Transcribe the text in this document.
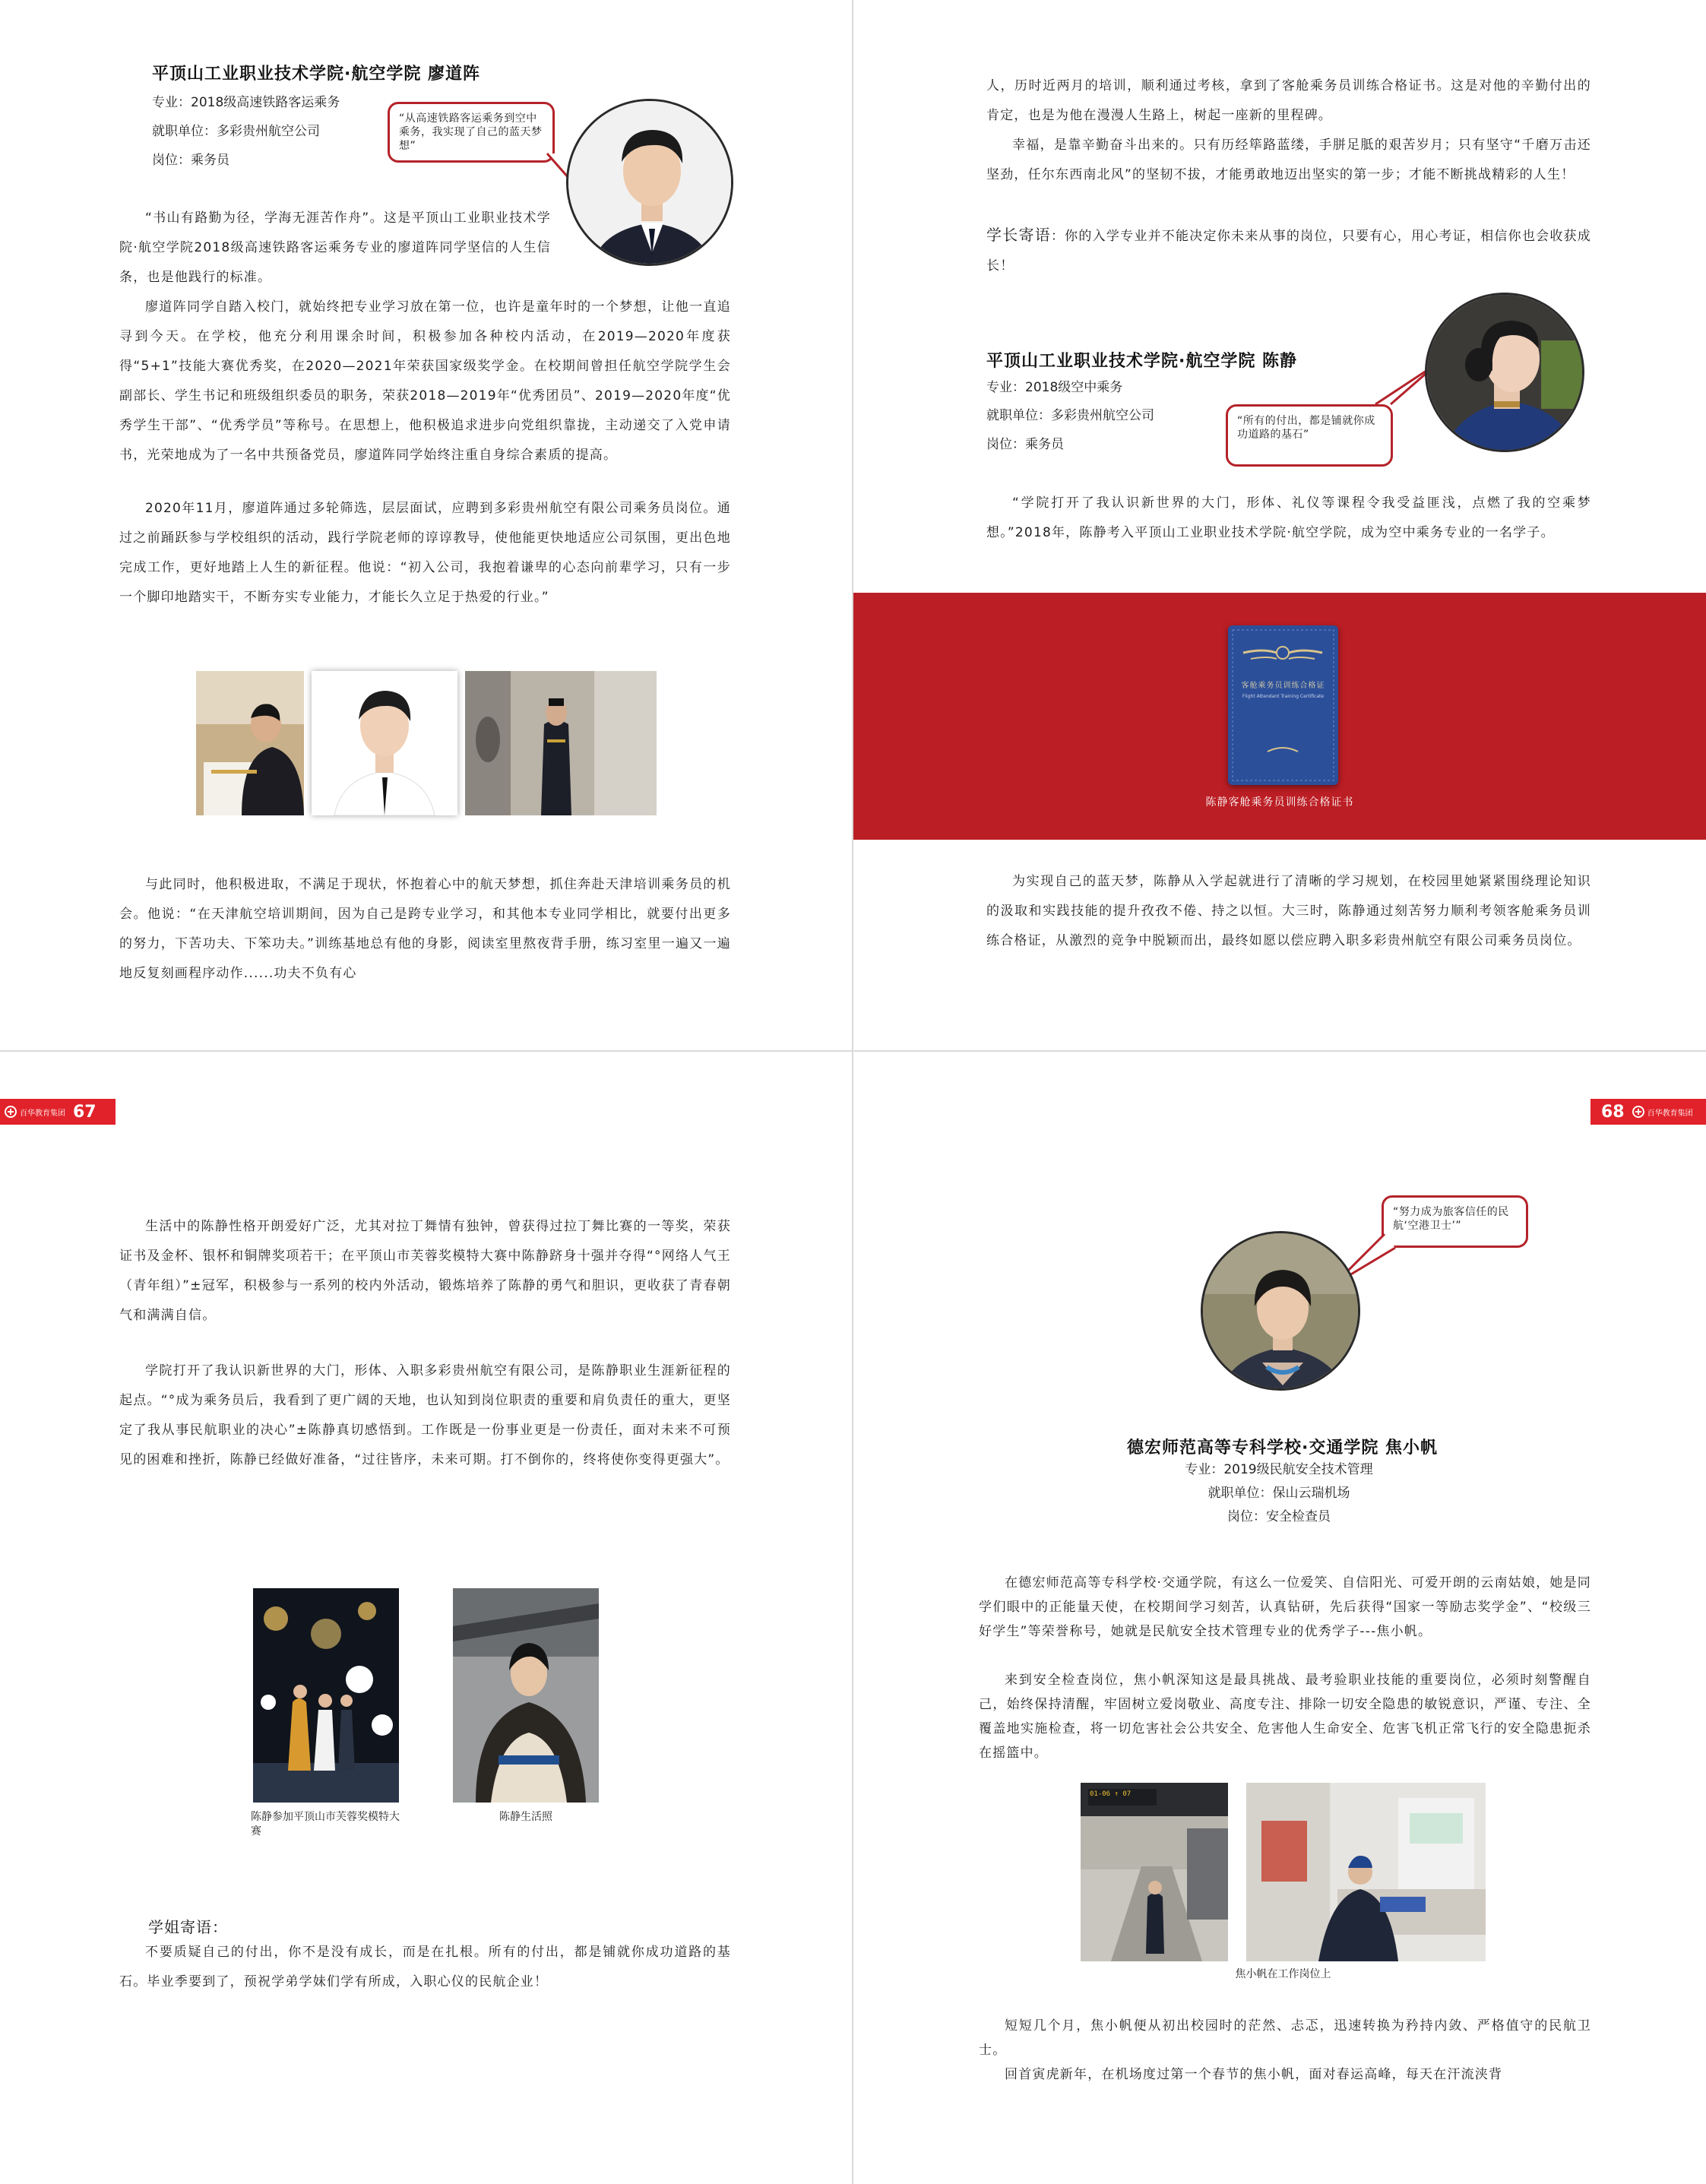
平顶山工业职业技术学院·航空学院 廖道阵
专业：2018级高速铁路客运乘务
就职单位：多彩贵州航空公司
岗位：乘务员
“从高速铁路客运乘务到空中乘务，我实现了自己的蓝天梦想”
“书山有路勤为径，学海无涯苦作舟”。这是平顶山工业职业技术学院·航空学院2018级高速铁路客运乘务专业的廖道阵同学坚信的人生信条，也是他践行的标准。
廖道阵同学自踏入校门，就始终把专业学习放在第一位，也许是童年时的一个梦想，让他一直追寻到今天。在学校，他充分利用课余时间，积极参加各种校内活动，在2019—2020年度获得“5+1”技能大赛优秀奖，在2020—2021年荣获国家级奖学金。在校期间曾担任航空学院学生会副部长、学生书记和班级组织委员的职务，荣获2018—2019年“优秀团员”、2019—2020年度“优秀学生干部”、“优秀学员”等称号。在思想上，他积极追求进步向党组织靠拢，主动递交了入党申请书，光荣地成为了一名中共预备党员，廖道阵同学始终注重自身综合素质的提高。
2020年11月，廖道阵通过多轮筛选，层层面试，应聘到多彩贵州航空有限公司乘务员岗位。通过之前踊跃参与学校组织的活动，践行学院老师的谆谆教导，使他能更快地适应公司氛围，更出色地完成工作，更好地踏上人生的新征程。他说：“初入公司，我抱着谦卑的心态向前辈学习，只有一步一个脚印地踏实干，不断夯实专业能力，才能长久立足于热爱的行业。”
与此同时，他积极进取，不满足于现状，怀抱着心中的航天梦想，抓住奔赴天津培训乘务员的机会。他说：“在天津航空培训期间，因为自己是跨专业学习，和其他本专业同学相比，就要付出更多的努力，下苦功夫、下笨功夫。”训练基地总有他的身影，阅读室里熬夜背手册，练习室里一遍又一遍地反复刻画程序动作......功夫不负有心
人，历时近两月的培训，顺利通过考核，拿到了客舱乘务员训练合格证书。这是对他的辛勤付出的肯定，也是为他在漫漫人生路上，树起一座新的里程碑。
幸福，是靠辛勤奋斗出来的。只有历经筚路蓝缕，手胼足胝的艰苦岁月；只有坚守“千磨万击还坚劲，任尔东西南北风”的坚韧不拔，才能勇敢地迈出坚实的第一步；才能不断挑战精彩的人生！
学长寄语：你的入学专业并不能决定你未来从事的岗位，只要有心，用心考证，相信你也会收获成长！
平顶山工业职业技术学院·航空学院 陈静
专业：2018级空中乘务
就职单位：多彩贵州航空公司
岗位：乘务员
“所有的付出，都是铺就你成功道路的基石”
“学院打开了我认识新世界的大门，形体、礼仪等课程令我受益匪浅，点燃了我的空乘梦想。”2018年，陈静考入平顶山工业职业技术学院·航空学院，成为空中乘务专业的一名学子。
客舱乘务员训练合格证
Flight Attendant Training Certificate
陈静客舱乘务员训练合格证书
为实现自己的蓝天梦，陈静从入学起就进行了清晰的学习规划，在校园里她紧紧围绕理论知识的汲取和实践技能的提升孜孜不倦、持之以恒。大三时，陈静通过刻苦努力顺利考领客舱乘务员训练合格证，从激烈的竞争中脱颖而出，最终如愿以偿应聘入职多彩贵州航空有限公司乘务员岗位。
百华教育集团 67
生活中的陈静性格开朗爱好广泛，尤其对拉丁舞情有独钟，曾获得过拉丁舞比赛的一等奖，荣获证书及金杯、银杯和铜牌奖项若干；在平顶山市芙蓉奖模特大赛中陈静跻身十强并夺得“°网络人气王（青年组）”±冠军，积极参与一系列的校内外活动，锻炼培养了陈静的勇气和胆识，更收获了青春朝气和满满自信。
学院打开了我认识新世界的大门，形体、入职多彩贵州航空有限公司，是陈静职业生涯新征程的起点。“°成为乘务员后，我看到了更广阔的天地，也认知到岗位职责的重要和肩负责任的重大，更坚定了我从事民航职业的决心”±陈静真切感悟到。工作既是一份事业更是一份责任，面对未来不可预见的困难和挫折，陈静已经做好准备，“过往皆序，未来可期。打不倒你的，终将使你变得更强大”。
陈静参加平顶山市芙蓉奖模特大赛
陈静生活照
学姐寄语：
不要质疑自己的付出，你不是没有成长，而是在扎根。所有的付出，都是铺就你成功道路的基石。毕业季要到了，预祝学弟学妹们学有所成，入职心仪的民航企业！
68	百华教育集团
“努力成为旅客信任的民航‘空港卫士’”
德宏师范高等专科学校·交通学院 焦小帆
专业：2019级民航安全技术管理
就职单位：保山云瑞机场
岗位：安全检查员
在德宏师范高等专科学校·交通学院，有这么一位爱笑、自信阳光、可爱开朗的云南姑娘，她是同学们眼中的正能量天使，在校期间学习刻苦，认真钻研，先后获得“国家一等励志奖学金”、“校级三好学生”等荣誉称号，她就是民航安全技术管理专业的优秀学子---焦小帆。
来到安全检查岗位，焦小帆深知这是最具挑战、最考验职业技能的重要岗位，必须时刻警醒自己，始终保持清醒，牢固树立爱岗敬业、高度专注、排除一切安全隐患的敏锐意识，严谨、专注、全覆盖地实施检查，将一切危害社会公共安全、危害他人生命安全、危害飞机正常飞行的安全隐患扼杀在摇篮中。
01-06 ↑ 07
焦小帆在工作岗位上
短短几个月，焦小帆便从初出校园时的茫然、忐忑，迅速转换为矜持内敛、严格值守的民航卫士。
回首寅虎新年，在机场度过第一个春节的焦小帆，面对春运高峰，每天在汗流浃背
